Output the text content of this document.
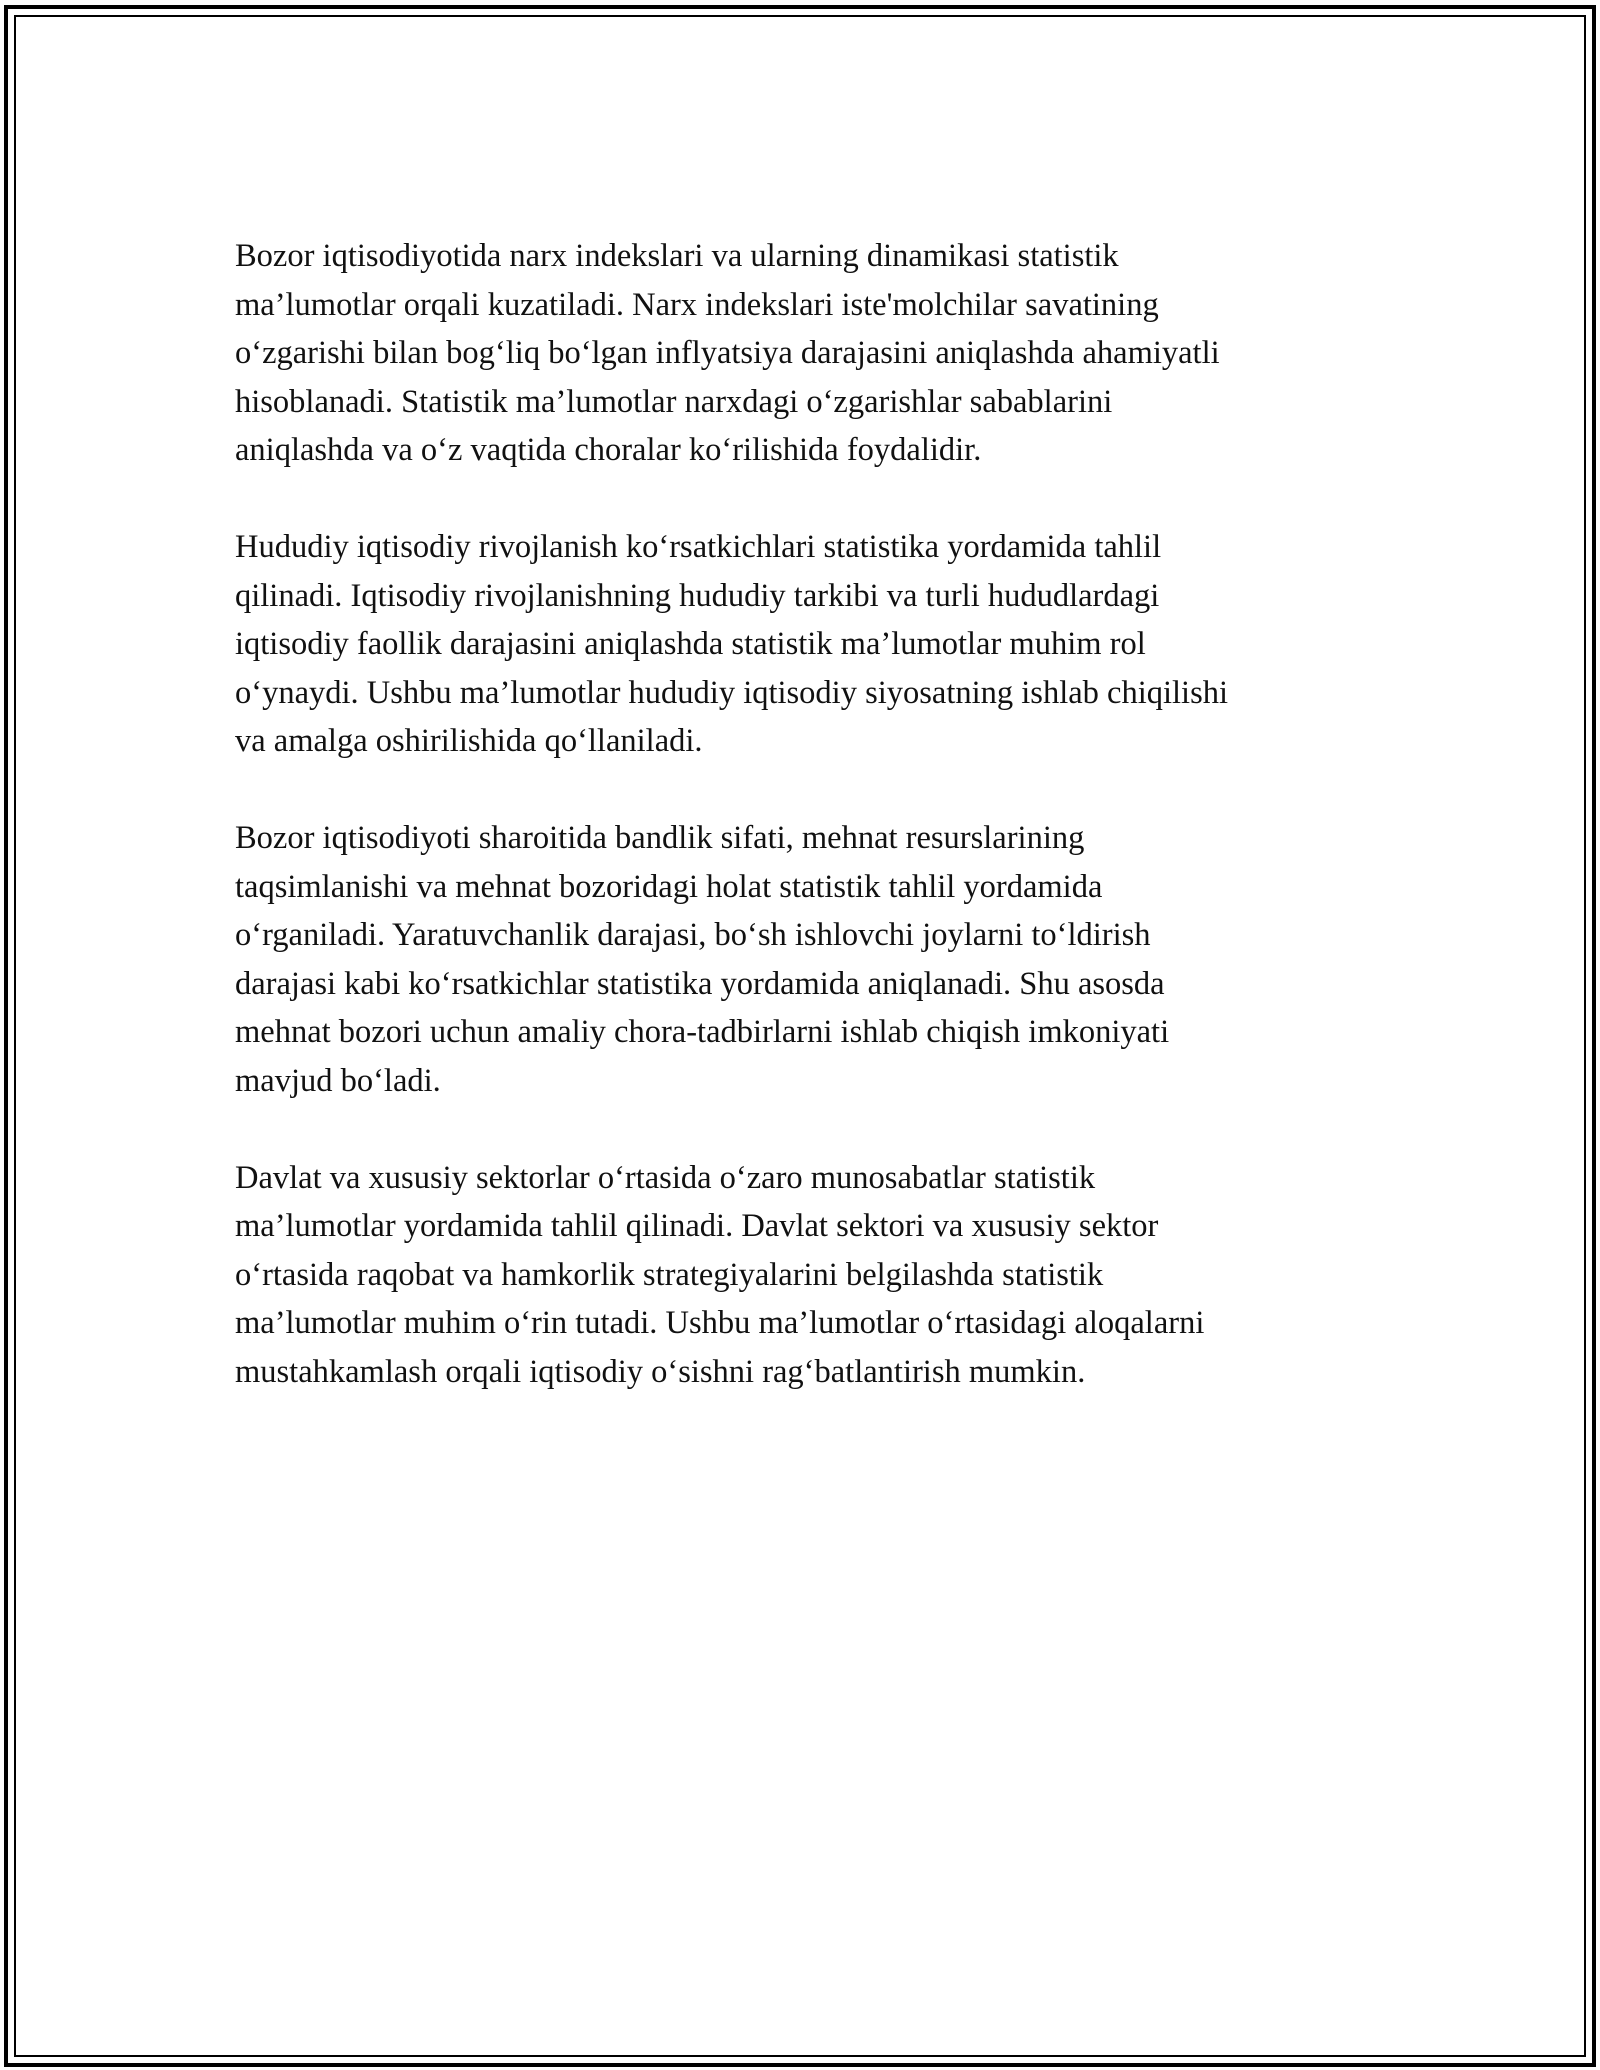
Bozor iqtisodiyotida narx indekslari va ularning dinamikasi statistik
ma’lumotlar orqali kuzatiladi. Narx indekslari iste'molchilar savatining
o‘zgarishi bilan bog‘liq bo‘lgan inflyatsiya darajasini aniqlashda ahamiyatli
hisoblanadi. Statistik ma’lumotlar narxdagi o‘zgarishlar sabablarini
aniqlashda va o‘z vaqtida choralar ko‘rilishida foydalidir.

Hududiy iqtisodiy rivojlanish ko‘rsatkichlari statistika yordamida tahlil
qilinadi. Iqtisodiy rivojlanishning hududiy tarkibi va turli hududlardagi
iqtisodiy faollik darajasini aniqlashda statistik ma’lumotlar muhim rol
o‘ynaydi. Ushbu ma’lumotlar hududiy iqtisodiy siyosatning ishlab chiqilishi
va amalga oshirilishida qo‘llaniladi.

Bozor iqtisodiyoti sharoitida bandlik sifati, mehnat resurslarining
taqsimlanishi va mehnat bozoridagi holat statistik tahlil yordamida
o‘rganiladi. Yaratuvchanlik darajasi, bo‘sh ishlovchi joylarni to‘ldirish
darajasi kabi ko‘rsatkichlar statistika yordamida aniqlanadi. Shu asosda
mehnat bozori uchun amaliy chora-tadbirlarni ishlab chiqish imkoniyati
mavjud bo‘ladi.

Davlat va xususiy sektorlar o‘rtasida o‘zaro munosabatlar statistik
ma’lumotlar yordamida tahlil qilinadi. Davlat sektori va xususiy sektor
o‘rtasida raqobat va hamkorlik strategiyalarini belgilashda statistik
ma’lumotlar muhim o‘rin tutadi. Ushbu ma’lumotlar o‘rtasidagi aloqalarni
mustahkamlash orqali iqtisodiy o‘sishni rag‘batlantirish mumkin.
